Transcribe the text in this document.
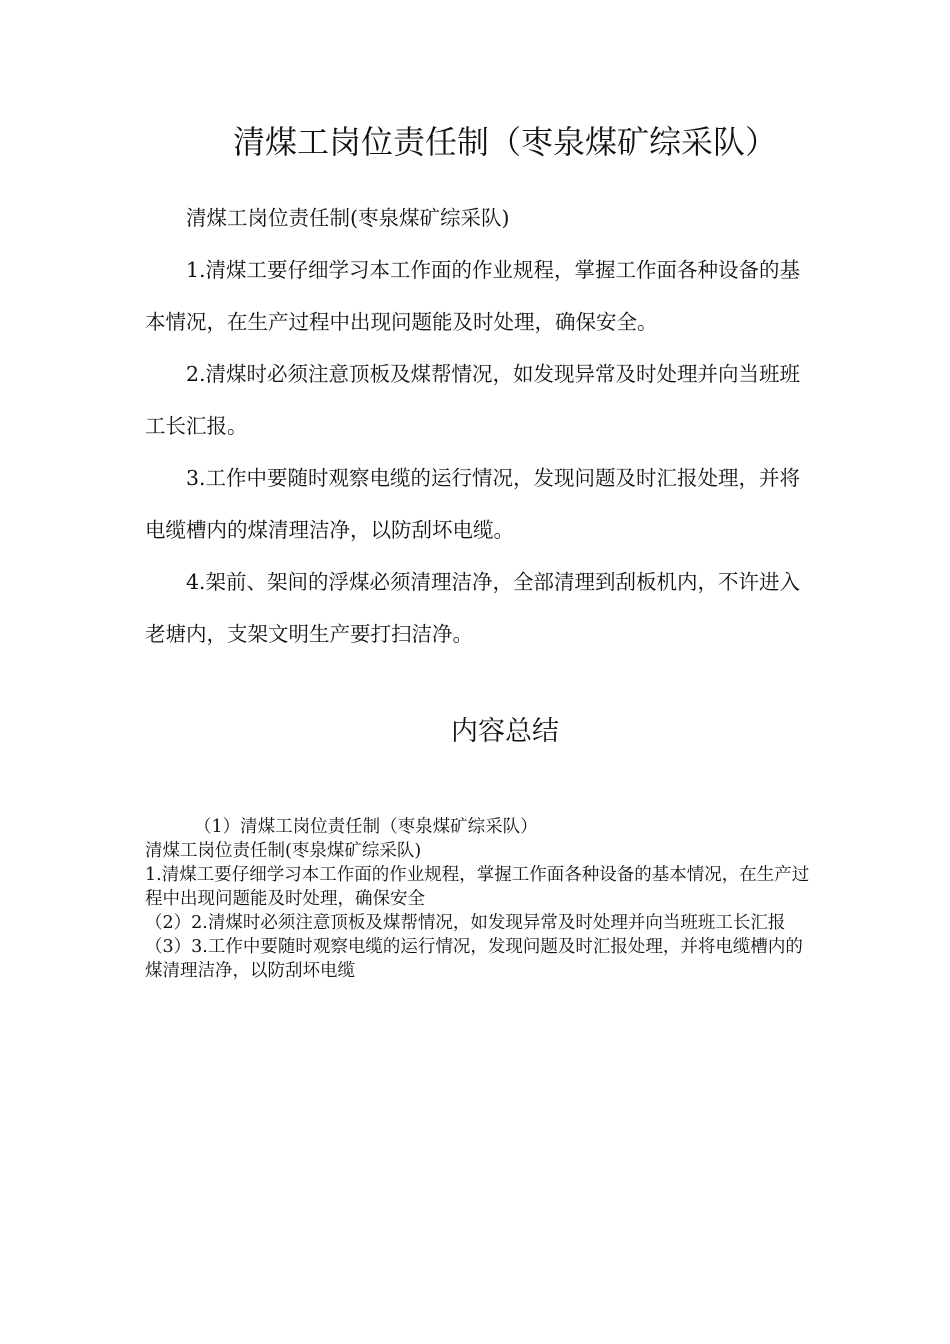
清煤工岗位责任制（枣泉煤矿综采队）

清煤工岗位责任制(枣泉煤矿综采队)

1.清煤工要仔细学习本工作面的作业规程，掌握工作面各种设备的基本情况，在生产过程中出现问题能及时处理，确保安全。

2.清煤时必须注意顶板及煤帮情况，如发现异常及时处理并向当班班工长汇报。

3.工作中要随时观察电缆的运行情况，发现问题及时汇报处理，并将电缆槽内的煤清理洁净，以防刮坏电缆。

4.架前、架间的浮煤必须清理洁净，全部清理到刮板机内，不许进入老塘内，支架文明生产要打扫洁净。

内容总结

（1）清煤工岗位责任制（枣泉煤矿综采队）

清煤工岗位责任制(枣泉煤矿综采队)

1.清煤工要仔细学习本工作面的作业规程，掌握工作面各种设备的基本情况，在生产过程中出现问题能及时处理，确保安全

（2）2.清煤时必须注意顶板及煤帮情况，如发现异常及时处理并向当班班工长汇报

（3）3.工作中要随时观察电缆的运行情况，发现问题及时汇报处理，并将电缆槽内的煤清理洁净，以防刮坏电缆
